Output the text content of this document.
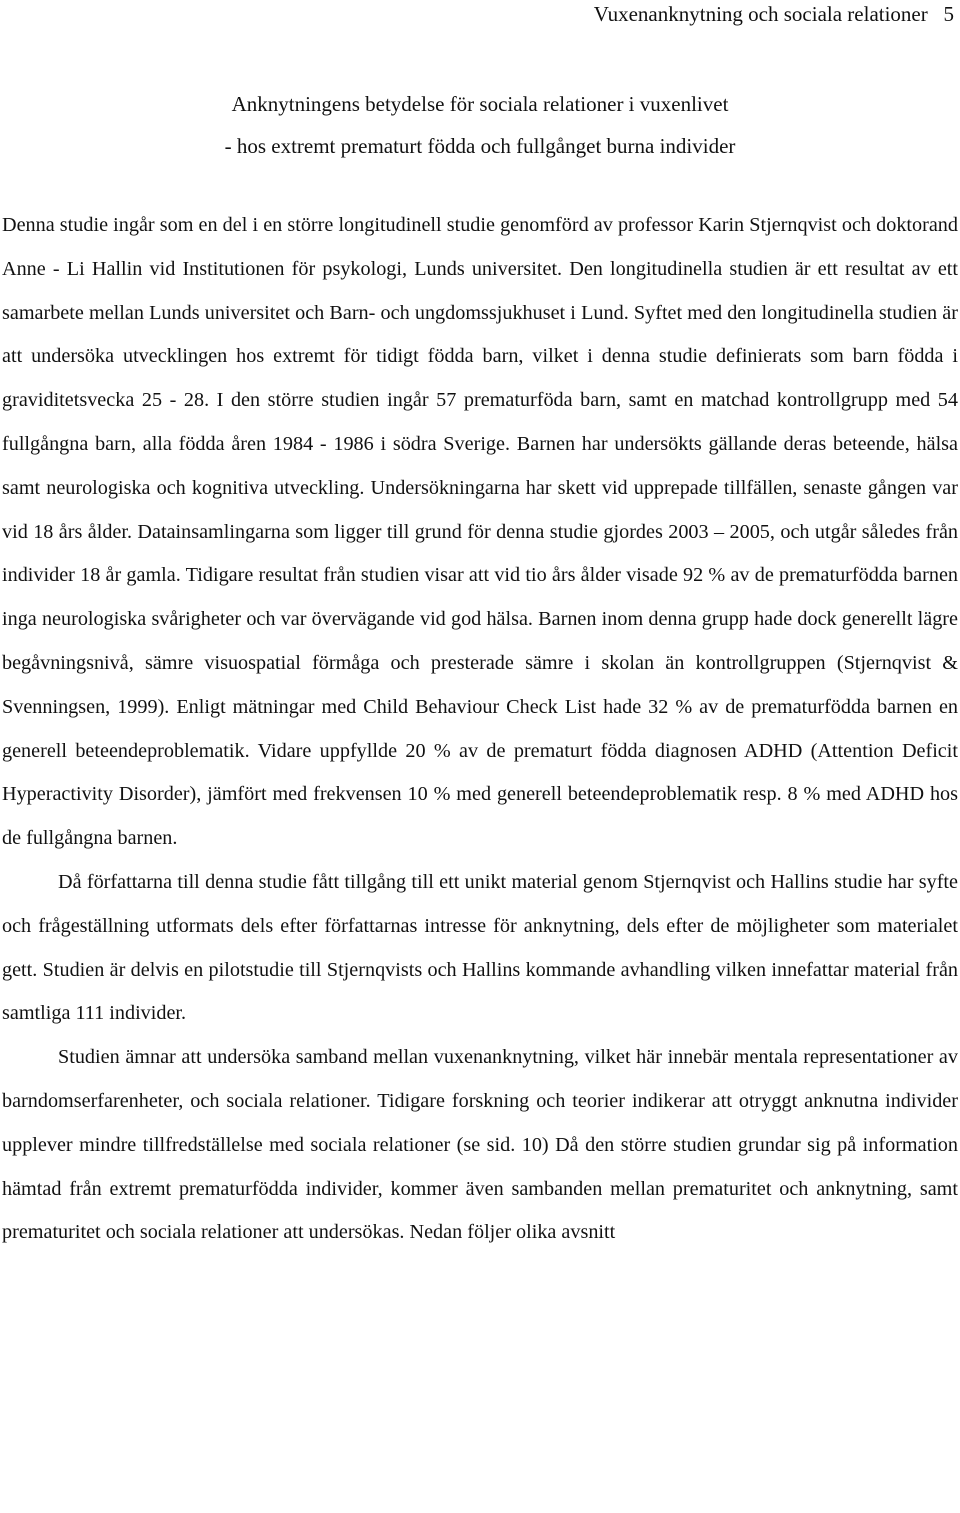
Vuxenanknytning och sociala relationer 5
Anknytningens betydelse för sociala relationer i vuxenlivet
- hos extremt prematurt födda och fullgånget burna individer

Denna studie ingår som en del i en större longitudinell studie genomförd av professor Karin Stjernqvist och doktorand Anne - Li Hallin vid Institutionen för psykologi, Lunds universitet. Den longitudinella studien är ett resultat av ett samarbete mellan Lunds universitet och Barn- och ungdomssjukhuset i Lund. Syftet med den longitudinella studien är att undersöka utvecklingen hos extremt för tidigt födda barn, vilket i denna studie definierats som barn födda i graviditetsvecka 25 - 28. I den större studien ingår 57 prematurföda barn, samt en matchad kontrollgrupp med 54 fullgångna barn, alla födda åren 1984 - 1986 i södra Sverige. Barnen har undersökts gällande deras beteende, hälsa samt neurologiska och kognitiva utveckling. Undersökningarna har skett vid upprepade tillfällen, senaste gången var vid 18 års ålder. Datainsamlingarna som ligger till grund för denna studie gjordes 2003 – 2005, och utgår således från individer 18 år gamla. Tidigare resultat från studien visar att vid tio års ålder visade 92 % av de prematurfödda barnen inga neurologiska svårigheter och var övervägande vid god hälsa. Barnen inom denna grupp hade dock generellt lägre begåvningsnivå, sämre visuospatial förmåga och presterade sämre i skolan än kontrollgruppen (Stjernqvist & Svenningsen, 1999). Enligt mätningar med Child Behaviour Check List hade 32 % av de prematurfödda barnen en generell beteendeproblematik. Vidare uppfyllde 20 % av de prematurt födda diagnosen ADHD (Attention Deficit Hyperactivity Disorder), jämfört med frekvensen 10 % med generell beteendeproblematik resp. 8 % med ADHD hos de fullgångna barnen.

Då författarna till denna studie fått tillgång till ett unikt material genom Stjernqvist och Hallins studie har syfte och frågeställning utformats dels efter författarnas intresse för anknytning, dels efter de möjligheter som materialet gett. Studien är delvis en pilotstudie till Stjernqvists och Hallins kommande avhandling vilken innefattar material från samtliga 111 individer.

Studien ämnar att undersöka samband mellan vuxenanknytning, vilket här innebär mentala representationer av barndomserfarenheter, och sociala relationer. Tidigare forskning och teorier indikerar att otryggt anknutna individer upplever mindre tillfredställelse med sociala relationer (se sid. 10) Då den större studien grundar sig på information hämtad från extremt prematurfödda individer, kommer även sambanden mellan prematuritet och anknytning, samt prematuritet och sociala relationer att undersökas. Nedan följer olika avsnitt
